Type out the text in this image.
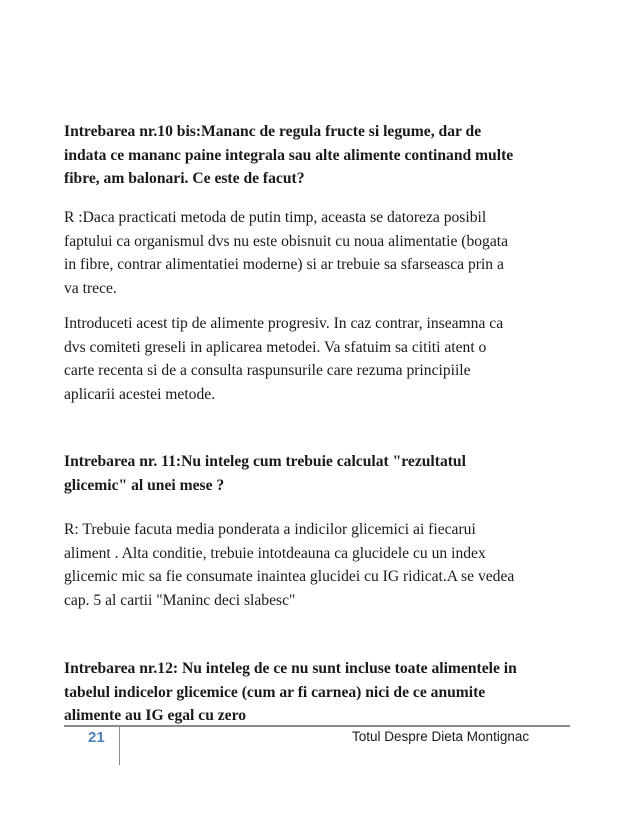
Intrebarea nr.10 bis:Mananc de regula fructe si legume, dar de
indata ce mananc paine integrala sau alte alimente continand multe
fibre, am balonari. Ce este de facut?
R :Daca practicati metoda de putin timp, aceasta se datoreza posibil
faptului ca organismul dvs nu este obisnuit cu noua alimentatie (bogata
in fibre, contrar alimentatiei moderne) si ar trebuie sa sfarseasca prin a
va trece.
Introduceti acest tip de alimente progresiv. In caz contrar, inseamna ca
dvs comiteti greseli in aplicarea metodei. Va sfatuim sa cititi atent o
carte recenta si de a consulta raspunsurile care rezuma principiile
aplicarii acestei metode.
Intrebarea nr. 11:Nu inteleg cum trebuie calculat "rezultatul
glicemic" al unei mese ?
R: Trebuie facuta media ponderata a indicilor glicemici ai fiecarui
aliment . Alta conditie, trebuie intotdeauna ca glucidele cu un index
glicemic mic sa fie consumate inaintea glucidei cu IG ridicat.A se vedea
cap. 5 al cartii "Maninc deci slabesc"
Intrebarea nr.12: Nu inteleg de ce nu sunt incluse toate alimentele in
tabelul indicelor glicemice (cum ar fi carnea) nici de ce anumite
alimente au IG egal cu zero
21	Totul Despre Dieta Montignac
